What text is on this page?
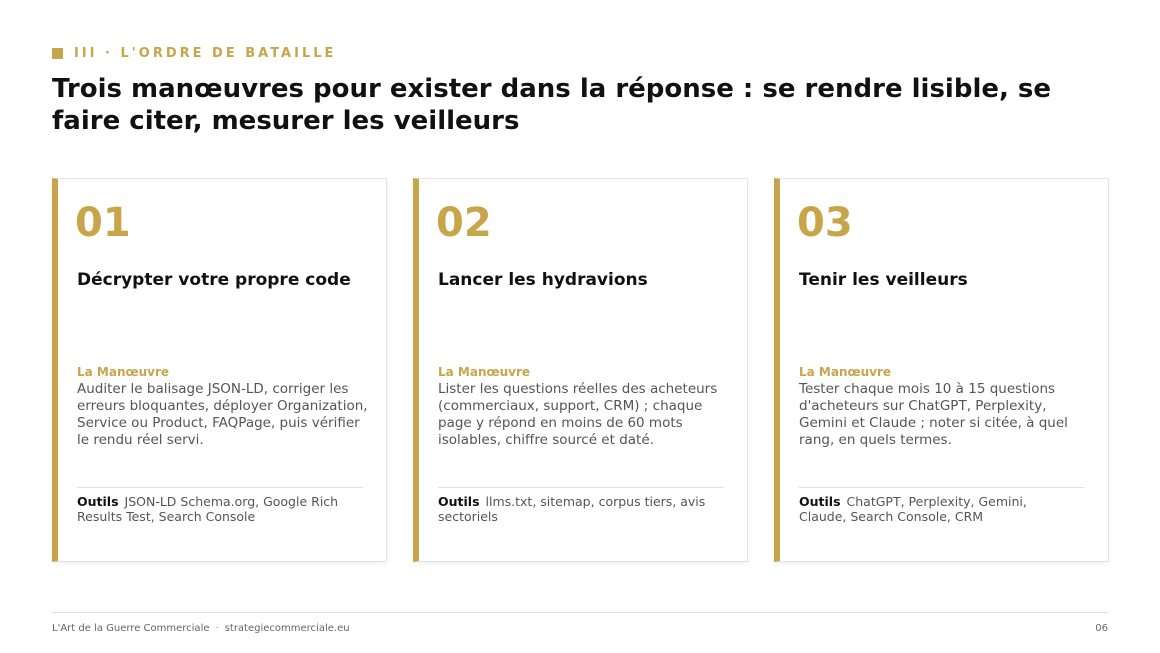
III · L'ORDRE DE BATAILLE
Trois manœuvres pour exister dans la réponse : se rendre lisible, se faire citer, mesurer les veilleurs
01
Décrypter votre propre code
La Manœuvre
Auditer le balisage JSON-LD, corriger les erreurs bloquantes, déployer Organization, Service ou Product, FAQPage, puis vérifier le rendu réel servi.
Outils JSON-LD Schema.org, Google Rich Results Test, Search Console
02
Lancer les hydravions
La Manœuvre
Lister les questions réelles des acheteurs (commerciaux, support, CRM) ; chaque page y répond en moins de 60 mots isolables, chiffre sourcé et daté.
Outils llms.txt, sitemap, corpus tiers, avis sectoriels
03
Tenir les veilleurs
La Manœuvre
Tester chaque mois 10 à 15 questions d'acheteurs sur ChatGPT, Perplexity, Gemini et Claude ; noter si citée, à quel rang, en quels termes.
Outils ChatGPT, Perplexity, Gemini, Claude, Search Console, CRM
L'Art de la Guerre Commerciale · strategiecommerciale.eu	06
